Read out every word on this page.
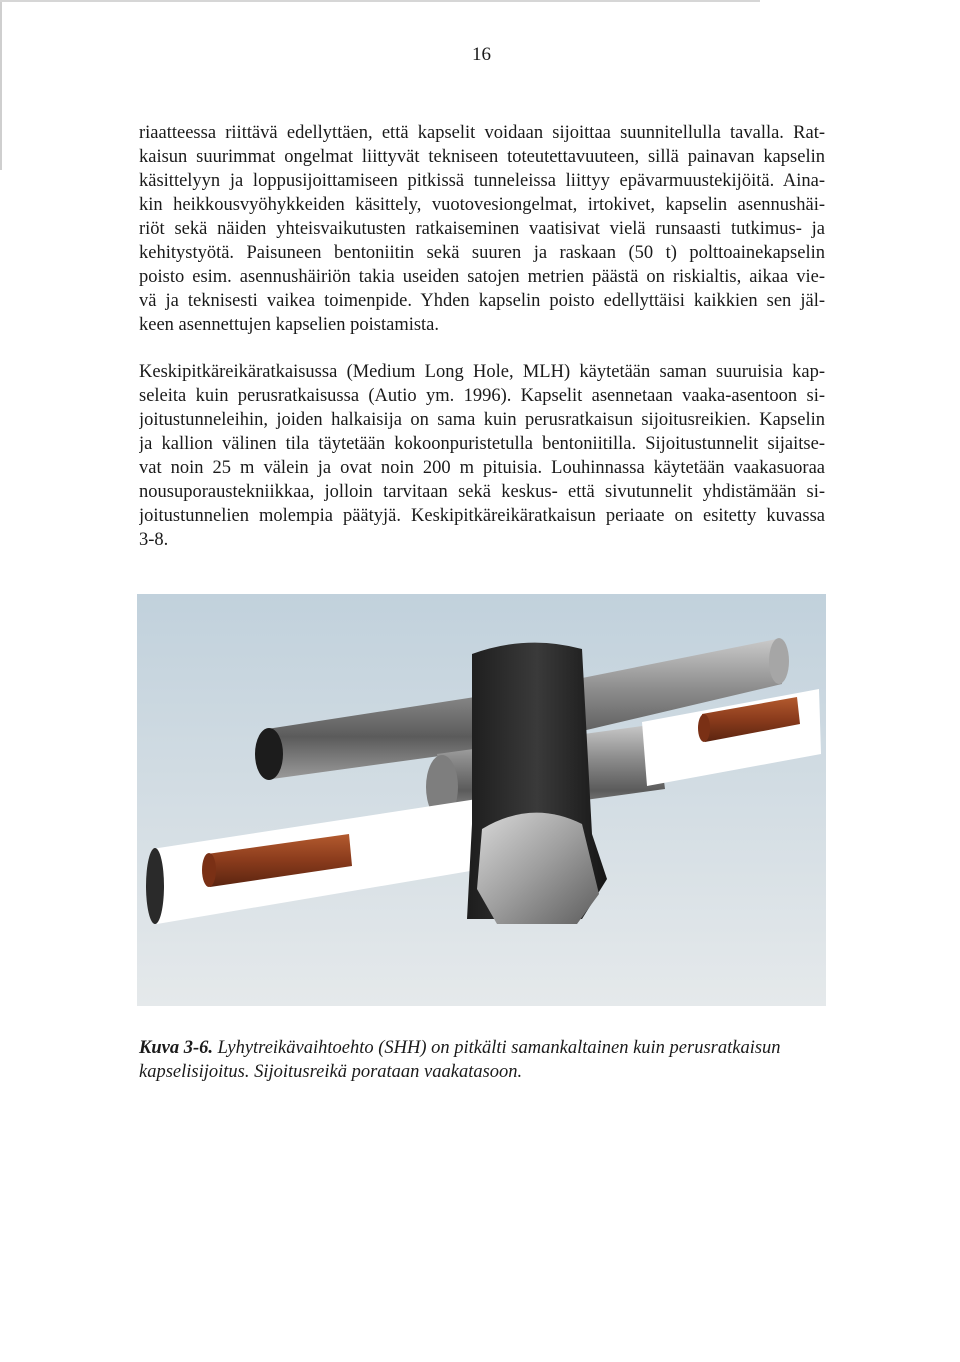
16
riaatteessa riittävä edellyttäen, että kapselit voidaan sijoittaa suunnitellulla tavalla. Rat-
kaisun suurimmat ongelmat liittyvät tekniseen toteutettavuuteen, sillä painavan kapselin
käsittelyyn ja loppusijoittamiseen pitkissä tunneleissa liittyy epävarmuustekijöitä. Aina-
kin heikkousvyöhykkeiden käsittely, vuotovesiongelmat, irtokivet, kapselin asennushäi-
riöt sekä näiden yhteisvaikutusten ratkaiseminen vaatisivat vielä runsaasti tutkimus- ja
kehitystyötä. Paisuneen bentoniitin sekä suuren ja raskaan (50 t) polttoainekapselin
poisto esim. asennushäiriön takia useiden satojen metrien päästä on riskialtis, aikaa vie-
vä ja teknisesti vaikea toimenpide. Yhden kapselin poisto edellyttäisi kaikkien sen jäl-
keen asennettujen kapselien poistamista.
Keskipitkäreikäratkaisussa (Medium Long Hole, MLH) käytetään saman suuruisia kap-
seleita kuin perusratkaisussa (Autio ym. 1996). Kapselit asennetaan vaaka-asentoon si-
joitustunneleihin, joiden halkaisija on sama kuin perusratkaisun sijoitusreikien. Kapselin
ja kallion välinen tila täytetään kokoonpuristetulla bentoniitilla. Sijoitustunnelit sijaitse-
vat noin 25 m välein ja ovat noin 200 m pituisia. Louhinnassa käytetään vaakasuoraa
nousuporaustekniikkaa, jolloin tarvitaan sekä keskus- että sivutunnelit yhdistämään si-
joitustunnelien molempia päätyjä. Keskipitkäreikäratkaisun periaate on esitetty kuvassa
3-8.

Kuva 3-6. Lyhytreikävaihtoehto (SHH) on pitkälti samankaltainen kuin perusratkaisun
kapselisijoitus. Sijoitusreikä porataan vaakatasoon.
